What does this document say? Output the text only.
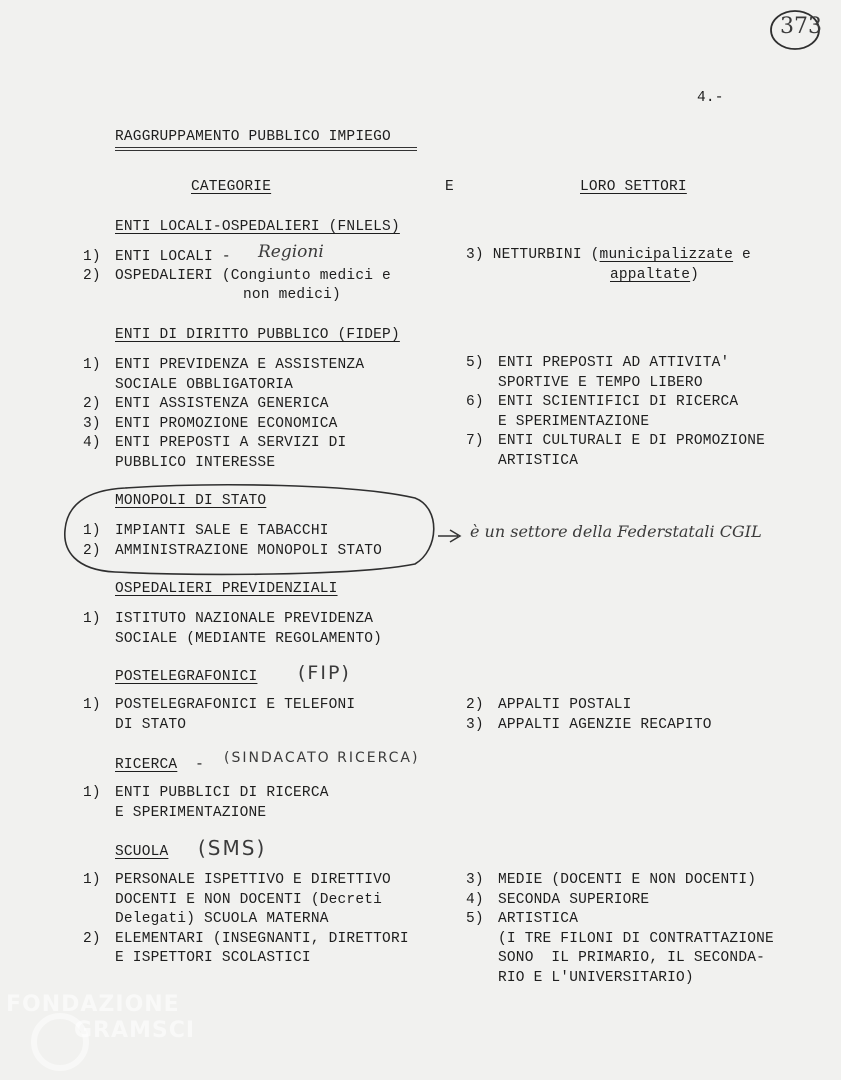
373
4.-
RAGGRUPPAMENTO PUBBLICO IMPIEGO
CATEGORIE	E	LORO SETTORI
ENTI LOCALI-OSPEDALIERI (FNLELS)
1) ENTI LOCALI - Regioni
2) OSPEDALIERI (Congiunto medici e
non medici)
3) NETTURBINI (municipalizzate e
appaltate)
ENTI DI DIRITTO PUBBLICO (FIDEP)
1) ENTI PREVIDENZA E ASSISTENZA
SOCIALE OBBLIGATORIA
2) ENTI ASSISTENZA GENERICA
3) ENTI PROMOZIONE ECONOMICA
4) ENTI PREPOSTI A SERVIZI DI
PUBBLICO INTERESSE
5) ENTI PREPOSTI AD ATTIVITA'
SPORTIVE E TEMPO LIBERO
6) ENTI SCIENTIFICI DI RICERCA
E SPERIMENTAZIONE
7) ENTI CULTURALI E DI PROMOZIONE
ARTISTICA
MONOPOLI DI STATO
1) IMPIANTI SALE E TABACCHI
2) AMMINISTRAZIONE MONOPOLI STATO
è un settore della Federstatali CGIL
OSPEDALIERI PREVIDENZIALI
1) ISTITUTO NAZIONALE PREVIDENZA
SOCIALE (MEDIANTE REGOLAMENTO)
POSTELEGRAFONICI (FIP)
1) POSTELEGRAFONICI E TELEFONI
DI STATO
2) APPALTI POSTALI
3) APPALTI AGENZIE RECAPITO
RICERCA - (SINDACATO RICERCA)
1) ENTI PUBBLICI DI RICERCA
E SPERIMENTAZIONE
SCUOLA (SMS)
1) PERSONALE ISPETTIVO E DIRETTIVO
DOCENTI E NON DOCENTI (Decreti
Delegati) SCUOLA MATERNA
2) ELEMENTARI (INSEGNANTI, DIRETTORI
E ISPETTORI SCOLASTICI
3) MEDIE (DOCENTI E NON DOCENTI)
4) SECONDA SUPERIORE
5) ARTISTICA
(I TRE FILONI DI CONTRATTAZIONE
SONO  IL PRIMARIO, IL SECONDA-
RIO E L'UNIVERSITARIO)
FONDAZIONE
GRAMSCI
